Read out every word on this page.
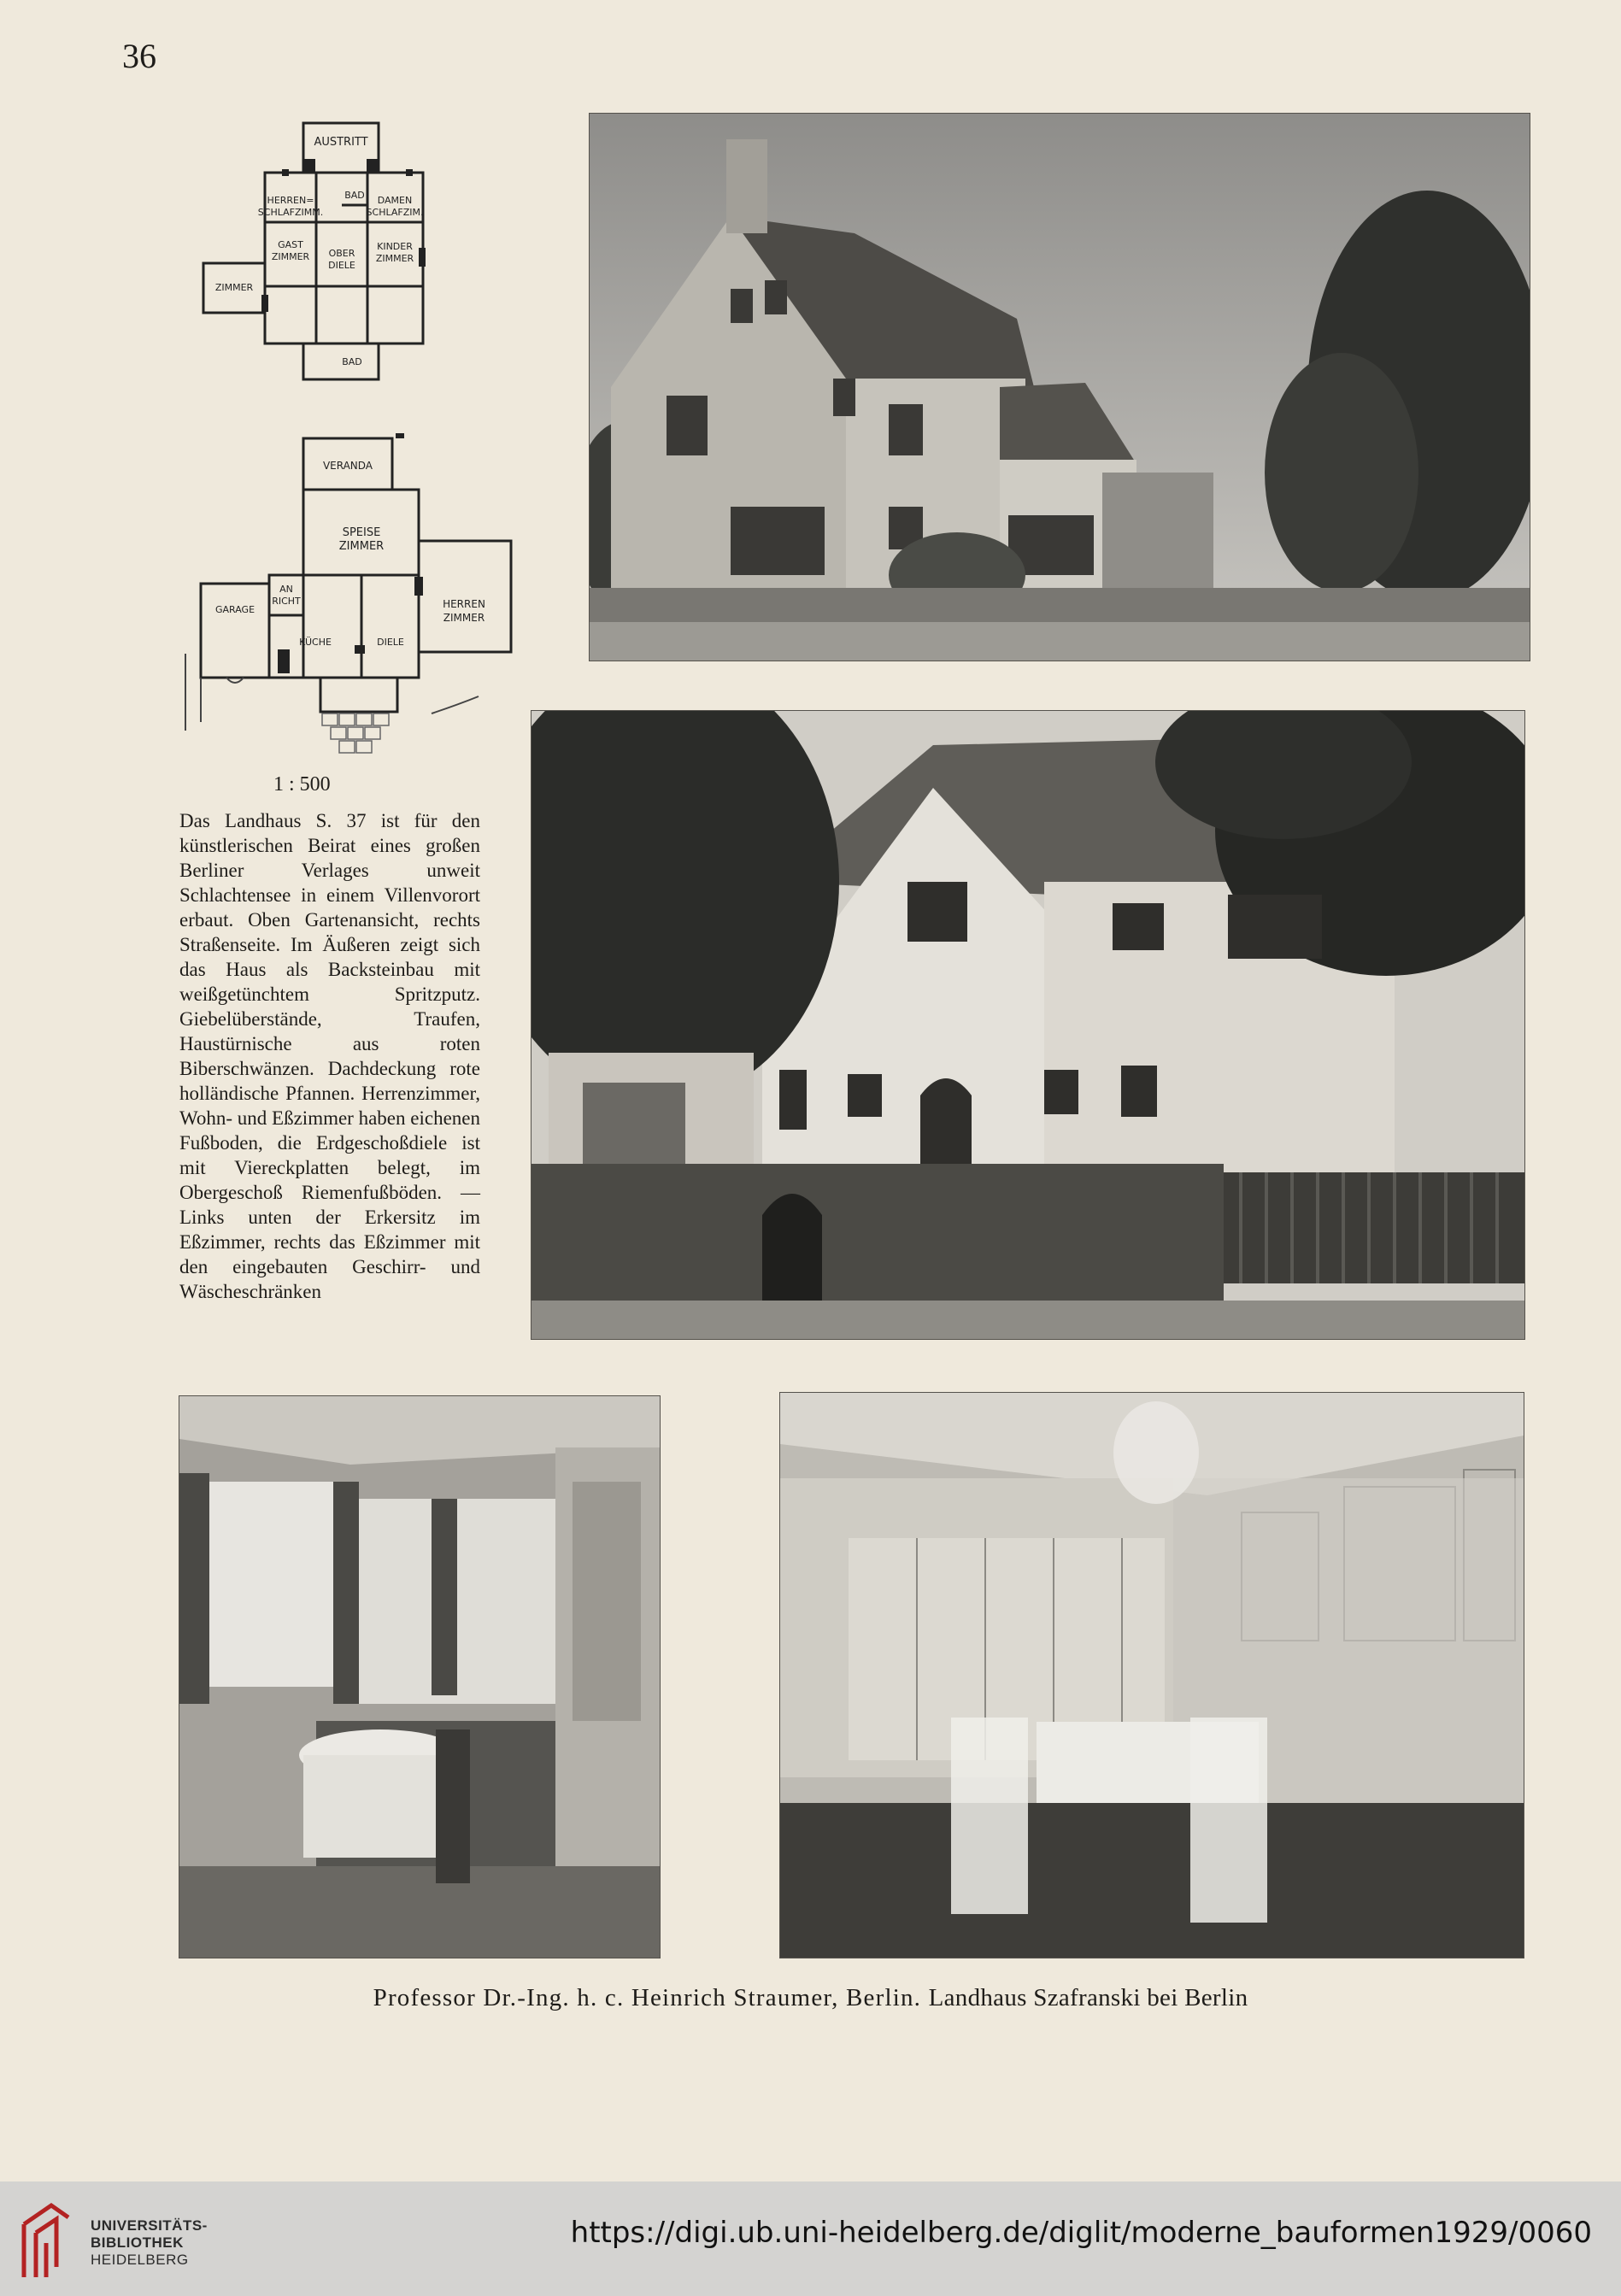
36
AUSTRITT
HERREN=
SCHLAFZIMM.
BAD DAMEN
SCHLAFZIM.
ZIMMER
GAST
ZIMMER OBER
DIELE
KINDER
ZIMMER
BAD
VERANDA
SPEISE
ZIMMER
AN
RICHT
GARAGE
KÜCHE	DIELE
HERREN
ZIMMER
1 : 500
Das Landhaus S. 37 ist für den künstlerischen Beirat eines großen Berliner Verlages unweit Schlachtensee in einem Villenvorort erbaut. Oben Gartenansicht, rechts Straßenseite. Im Äußeren zeigt sich das Haus als Backsteinbau mit weißgetünchtem Spritzputz. Giebelüberstände, Traufen, Haustürnische aus roten Biberschwänzen. Dachdeckung rote holländische Pfannen. Herrenzimmer, Wohn- und Eßzimmer haben eichenen Fußboden, die Erdgeschoßdiele ist mit Viereckplatten belegt, im Obergeschoß Riemenfußböden. — Links unten der Erkersitz im Eßzimmer, rechts das Eßzimmer mit den eingebauten Geschirr- und Wäscheschränken
Professor Dr.-Ing. h. c. Heinrich Straumer, Berlin. Landhaus Szafranski bei Berlin
UNIVERSITÄTS-
BIBLIOTHEK
HEIDELBERG
https://digi.ub.uni-heidelberg.de/diglit/moderne_bauformen1929/0060
